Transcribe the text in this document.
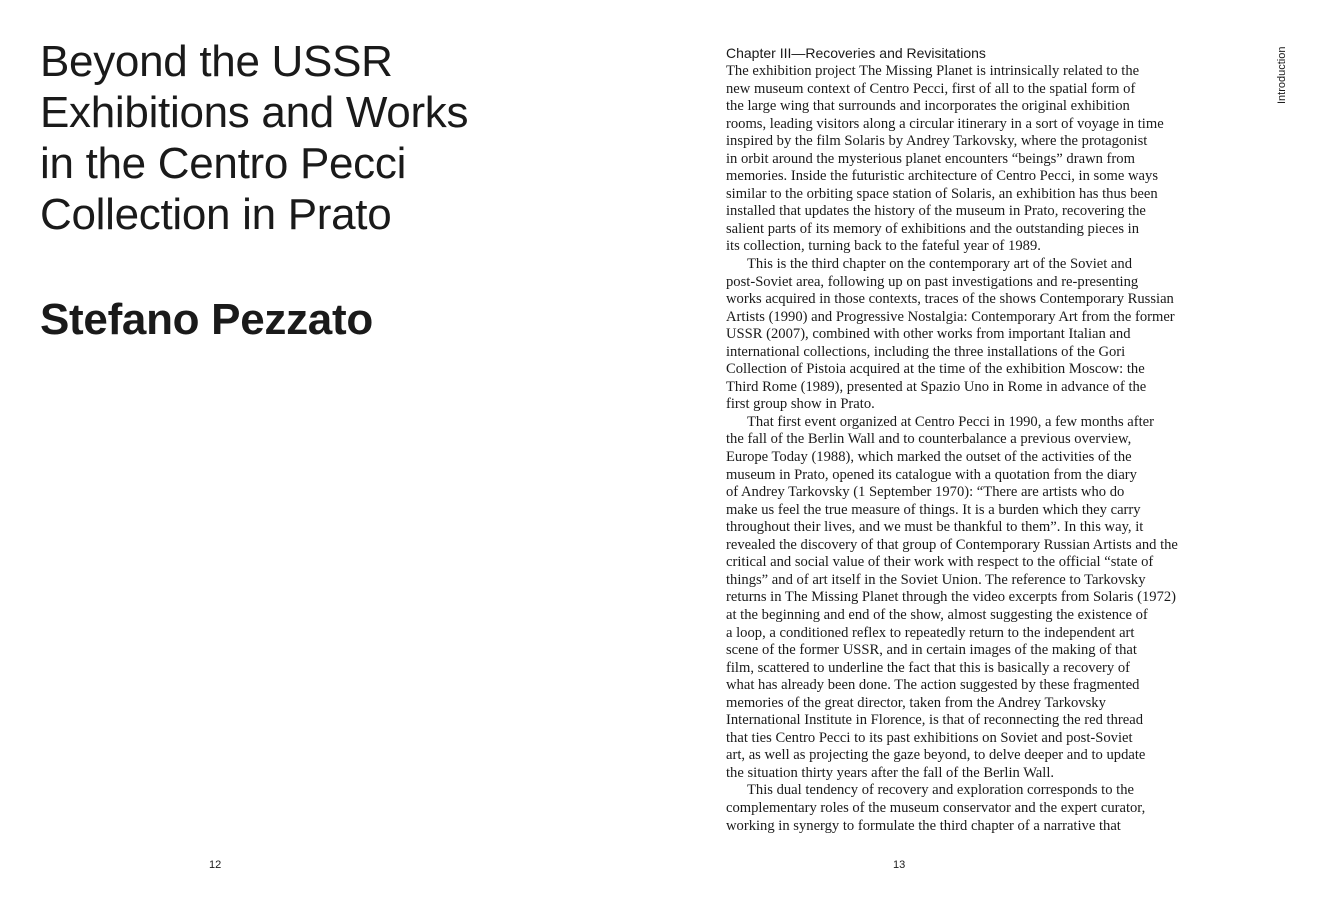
Beyond the USSR
Exhibitions and Works
in the Centro Pecci
Collection in Prato
Stefano Pezzato
12
Chapter III—Recoveries and Revisitations
The exhibition project The Missing Planet is intrinsically related to the
new museum context of Centro Pecci, first of all to the spatial form of
the large wing that surrounds and incorporates the original exhibition
rooms, leading visitors along a circular itinerary in a sort of voyage in time
inspired by the film Solaris by Andrey Tarkovsky, where the protagonist
in orbit around the mysterious planet encounters “beings” drawn from
memories. Inside the futuristic architecture of Centro Pecci, in some ways
similar to the orbiting space station of Solaris, an exhibition has thus been
installed that updates the history of the museum in Prato, recovering the
salient parts of its memory of exhibitions and the outstanding pieces in
its collection, turning back to the fateful year of 1989.
This is the third chapter on the contemporary art of the Soviet and
post-Soviet area, following up on past investigations and re-presenting
works acquired in those contexts, traces of the shows Contemporary Russian
Artists (1990) and Progressive Nostalgia: Contemporary Art from the former
USSR (2007), combined with other works from important Italian and
international collections, including the three installations of the Gori
Collection of Pistoia acquired at the time of the exhibition Moscow: the
Third Rome (1989), presented at Spazio Uno in Rome in advance of the
first group show in Prato.
That first event organized at Centro Pecci in 1990, a few months after
the fall of the Berlin Wall and to counterbalance a previous overview,
Europe Today (1988), which marked the outset of the activities of the
museum in Prato, opened its catalogue with a quotation from the diary
of Andrey Tarkovsky (1 September 1970): “There are artists who do
make us feel the true measure of things. It is a burden which they carry
throughout their lives, and we must be thankful to them”. In this way, it
revealed the discovery of that group of Contemporary Russian Artists and the
critical and social value of their work with respect to the official “state of
things” and of art itself in the Soviet Union. The reference to Tarkovsky
returns in The Missing Planet through the video excerpts from Solaris (1972)
at the beginning and end of the show, almost suggesting the existence of
a loop, a conditioned reflex to repeatedly return to the independent art
scene of the former USSR, and in certain images of the making of that
film, scattered to underline the fact that this is basically a recovery of
what has already been done. The action suggested by these fragmented
memories of the great director, taken from the Andrey Tarkovsky
International Institute in Florence, is that of reconnecting the red thread
that ties Centro Pecci to its past exhibitions on Soviet and post-Soviet
art, as well as projecting the gaze beyond, to delve deeper and to update
the situation thirty years after the fall of the Berlin Wall.
This dual tendency of recovery and exploration corresponds to the
complementary roles of the museum conservator and the expert curator,
working in synergy to formulate the third chapter of a narrative that
Introduction
13
